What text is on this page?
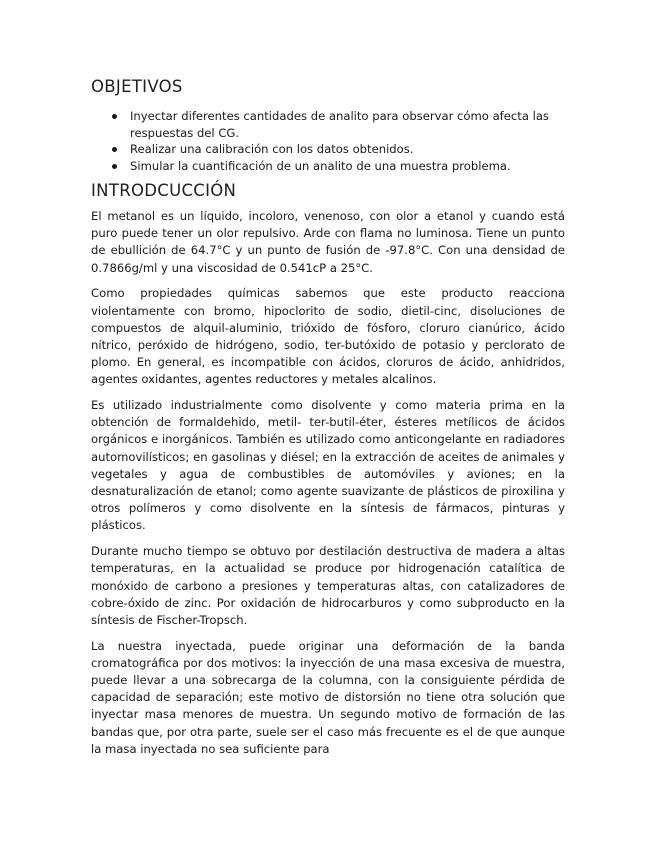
OBJETIVOS
Inyectar diferentes cantidades de analito para observar cómo afecta las respuestas del CG.
Realizar una calibración con los datos obtenidos.
Simular la cuantificación de un analito de una muestra problema.
INTRODCUCCIÓN

El metanol es un líquido, incoloro, venenoso, con olor a etanol y cuando está puro puede tener un olor repulsivo. Arde con flama no luminosa. Tiene un punto de ebullición de 64.7°C y un punto de fusión de -97.8°C. Con una densidad de 0.7866g/ml y una viscosidad de 0.541cP a 25°C.

Como propiedades químicas sabemos que este producto reacciona violentamente con bromo, hipoclorito de sodio, dietil-cinc, disoluciones de compuestos de alquil-aluminio, trióxido de fósforo, cloruro cianúrico, ácido nítrico, peróxido de hidrógeno, sodio, ter-butóxido de potasio y perclorato de plomo. En general, es incompatible con ácidos, cloruros de ácido, anhidridos, agentes oxidantes, agentes reductores y metales alcalinos.

Es utilizado industrialmente como disolvente y como materia prima en la obtención de formaldehido, metil- ter-butil-éter, ésteres metílicos de ácidos orgánicos e inorgánicos. También es utilizado como anticongelante en radiadores automovilísticos; en gasolinas y diésel; en la extracción de aceites de animales y vegetales y agua de combustibles de automóviles y aviones; en la desnaturalización de etanol; como agente suavizante de plásticos de piroxilina y otros polímeros y como disolvente en la síntesis de fármacos, pinturas y plásticos.

Durante mucho tiempo se obtuvo por destilación destructiva de madera a altas temperaturas, en la actualidad se produce por hidrogenación catalítica de monóxido de carbono a presiones y temperaturas altas, con catalizadores de cobre-óxido de zinc. Por oxidación de hidrocarburos y como subproducto en la síntesis de Fischer-Tropsch.

La nuestra inyectada, puede originar una deformación de la banda cromatográfica por dos motivos: la inyección de una masa excesiva de muestra, puede llevar a una sobrecarga de la columna, con la consiguiente pérdida de capacidad de separación; este motivo de distorsión no tiene otra solución que inyectar masa menores de muestra. Un segundo motivo de formación de las bandas que, por otra parte, suele ser el caso más frecuente es el de que aunque la masa inyectada no sea suficiente para
